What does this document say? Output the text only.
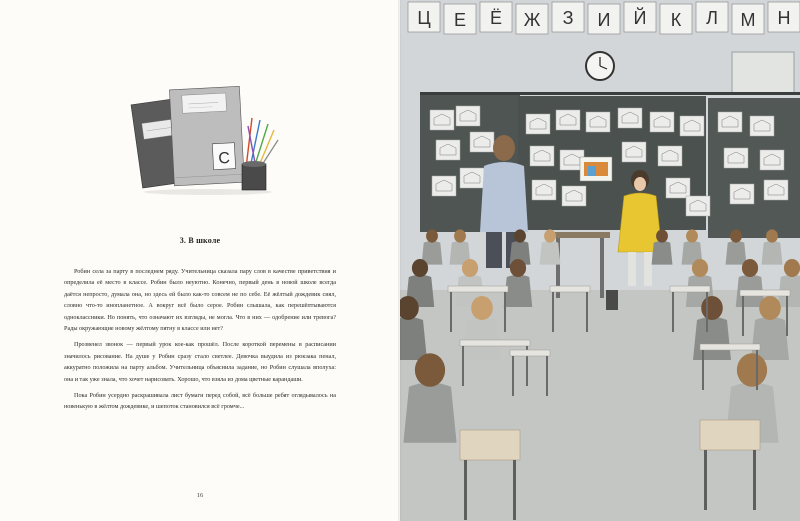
С
3. В школе

Робин села за парту в последнем ряду. Учительница сказала пару слов в качестве приветствия и определила её место в классе. Робин было неуютно. Конечно, первый день в новой школе всегда даётся непросто, думала она, но здесь ей было как-то совсем не по себе. Её жёлтый дождевик сиял, словно что-то инопланетное. А вокруг всё было серое. Робин слышала, как перешёптываются одноклассники. Но понять, что означают их взгляды, не могла. Что в них — одобрение или тревога? Рады окружающие новому жёлтому пятну в классе или нет?

Прозвенел звонок — первый урок кое-как прошёл. После короткой перемены в расписании значилось рисование. На душе у Робин сразу стало светлее. Девочка выудила из рюкзака пенал, аккуратно положила на парту альбом. Учительница объяснила задание, но Робин слушала вполуха: она и так уже знала, что хочет нарисовать. Хорошо, что взяла из дома цветные карандаши.

Пока Робин усердно раскрашивала лист бумаги перед собой, всё больше ребят оглядывалось на новенькую в жёлтом дождевике, и шепоток становился всё громче...

16
Ц Е Ё Ж З И Й К Л М Н
